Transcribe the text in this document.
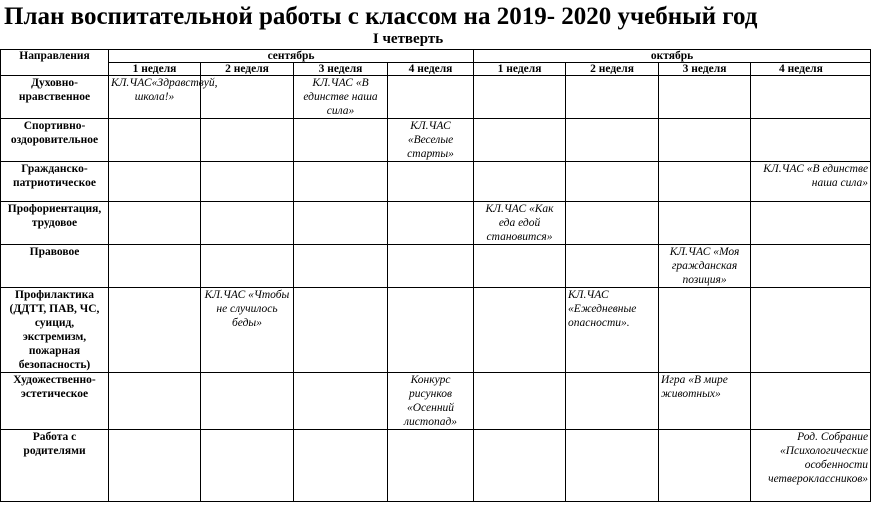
План воспитательной работы с классом на 2019- 2020 учебный год
I четверть
Направления	сентябрь				октябрь			
	1 неделя	2 неделя	3 неделя	4 неделя	1 неделя	2 неделя	3 неделя	4 неделя
Духовно-нравственное	КЛ.ЧАС«Здравствуй, школа!»		КЛ.ЧАС «В единстве наша сила»					
Спортивно-оздоровительное				КЛ.ЧАС «Веселые старты»				
Гражданско-патриотическое								КЛ.ЧАС «В единстве наша сила»
Профориентация, трудовое					КЛ.ЧАС «Как еда едой становится»			
Правовое							КЛ.ЧАС «Моя гражданская позиция»	
Профилактика (ДДТТ, ПАВ, ЧС, суицид, экстремизм, пожарная безопасность)		КЛ.ЧАС «Чтобы не случилось беды»				КЛ.ЧАС «Ежедневные опасности».		
Художественно-эстетическое				Конкурс рисунков «Осенний листопад»			Игра «В мире животных»	
Работа с родителями								Род. Собрание «Психологические особенности четвероклассников»
